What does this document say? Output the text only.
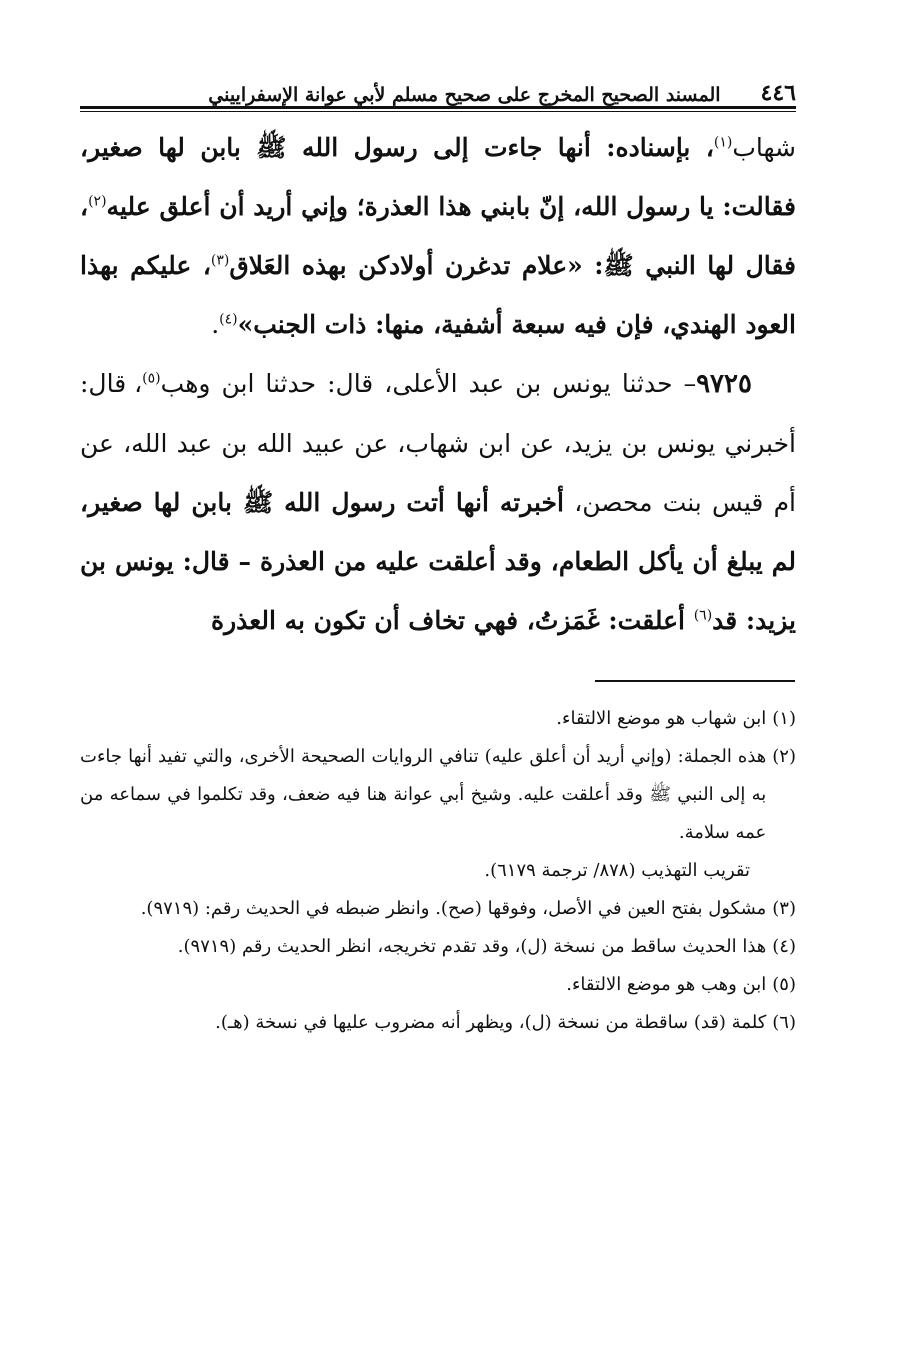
٤٤٦
المسند الصحيح المخرج على صحيح مسلم لأبي عوانة الإسفراييني

شهاب$^{(١)}$، بإسناده: أنها جاءت إلى رسول الله ﷺ بابن لها صغير، فقالت: يا رسول الله، إنّ بابني هذا العذرة؛ وإني أريد أن أعلق عليه$^{(٢)}$، فقال لها النبي ﷺ: «علام تدغرن أولادكن بهذه العَلاق$^{(٣)}$، عليكم بهذا العود الهندي، فإن فيه سبعة أشفية، منها: ذات الجنب»$^{(٤)}$.

٩٧٢٥– حدثنا يونس بن عبد الأعلى، قال: حدثنا ابن وهب$^{(٥)}$، قال: أخبرني يونس بن يزيد، عن ابن شهاب، عن عبيد الله بن عبد الله، عن أم قيس بنت محصن، أخبرته أنها أتت رسول الله ﷺ بابن لها صغير، لم يبلغ أن يأكل الطعام، وقد أعلقت عليه من العذرة – قال: يونس بن يزيد: قد$^{(٦)}$ أعلقت: غَمَزتُ، فهي تخاف أن تكون به العذرة

(١)
ابن شهاب هو موضع الالتقاء.
(٢)
هذه الجملة: (وإني أريد أن أعلق عليه) تنافي الروايات الصحيحة الأخرى، والتي تفيد أنها جاءت به إلى النبي ﷺ وقد أعلقت عليه. وشيخ أبي عوانة هنا فيه ضعف، وقد تكلموا في سماعه من عمه سلامة.
تقريب التهذيب (٨٧٨/ ترجمة ٦١٧٩).
(٣)
مشكول بفتح العين في الأصل، وفوقها (صح). وانظر ضبطه في الحديث رقم: (٩٧١٩).
(٤)
هذا الحديث ساقط من نسخة (ل)، وقد تقدم تخريجه، انظر الحديث رقم (٩٧١٩).
(٥)
ابن وهب هو موضع الالتقاء.
(٦)
كلمة (قد) ساقطة من نسخة (ل)، ويظهر أنه مضروب عليها في نسخة (هـ).
